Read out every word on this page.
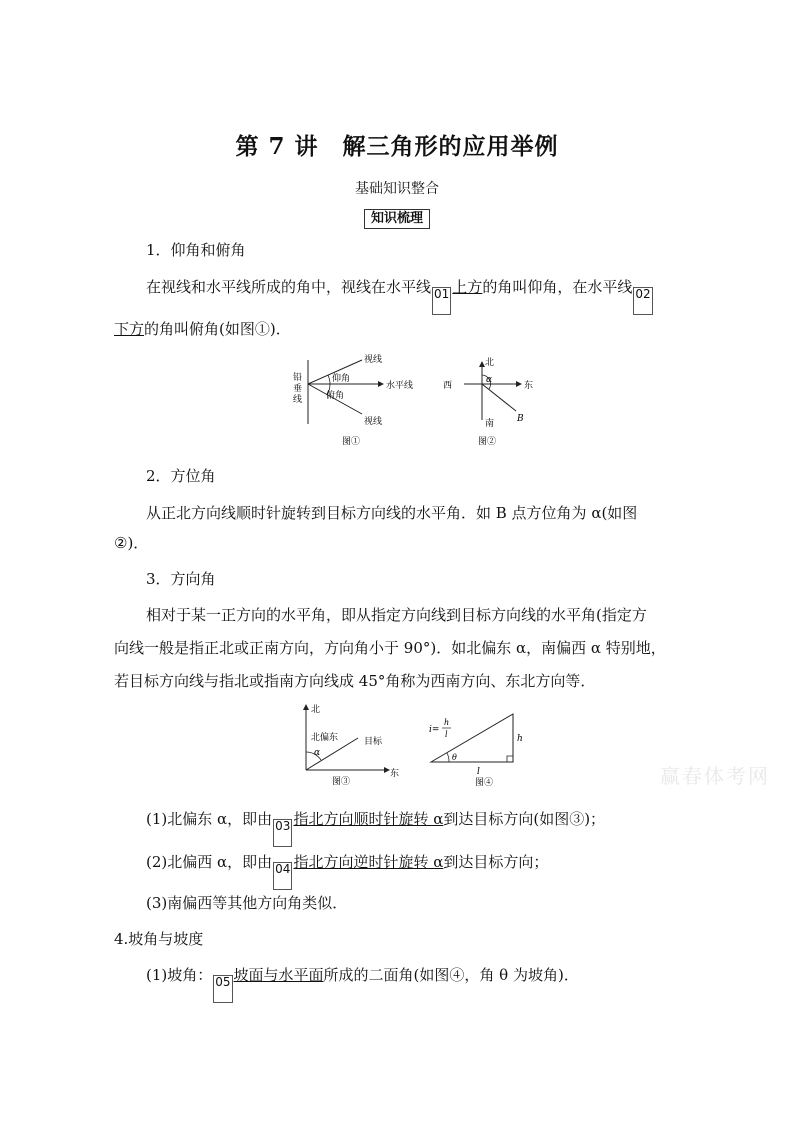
第 7 讲　解三角形的应用举例
基础知识整合
知识梳理
1．仰角和俯角
在视线和水平线所成的角中，视线在水平线 01 上方的角叫仰角，在水平线 02
下方的角叫俯角(如图①)．
铅垂线
视线
仰角
水平线
俯角
视线
图①
北
西	东
南
α
B
图②
2．方位角
从正北方向线顺时针旋转到目标方向线的水平角．如 B 点方位角为 α(如图
②)．
3．方向角
相对于某一正方向的水平角，即从指定方向线到目标方向线的水平角(指定方
向线一般是指正北或正南方向，方向角小于 90°)．如北偏东 α，南偏西 α 特别地，
若目标方向线与指北或指南方向线成 45°角称为西南方向、东北方向等．
北
北偏东	目标
α
东
图③
i=
h
l	h
θ
l
图④
(1)北偏东 α，即由 03 指北方向顺时针旋转 α到达目标方向(如图③)；
(2)北偏西 α，即由 04 指北方向逆时针旋转 α到达目标方向；
(3)南偏西等其他方向角类似．
4.坡角与坡度
(1)坡角： 05 坡面与水平面所成的二面角(如图④，角 θ 为坡角)．
赢春体考网
